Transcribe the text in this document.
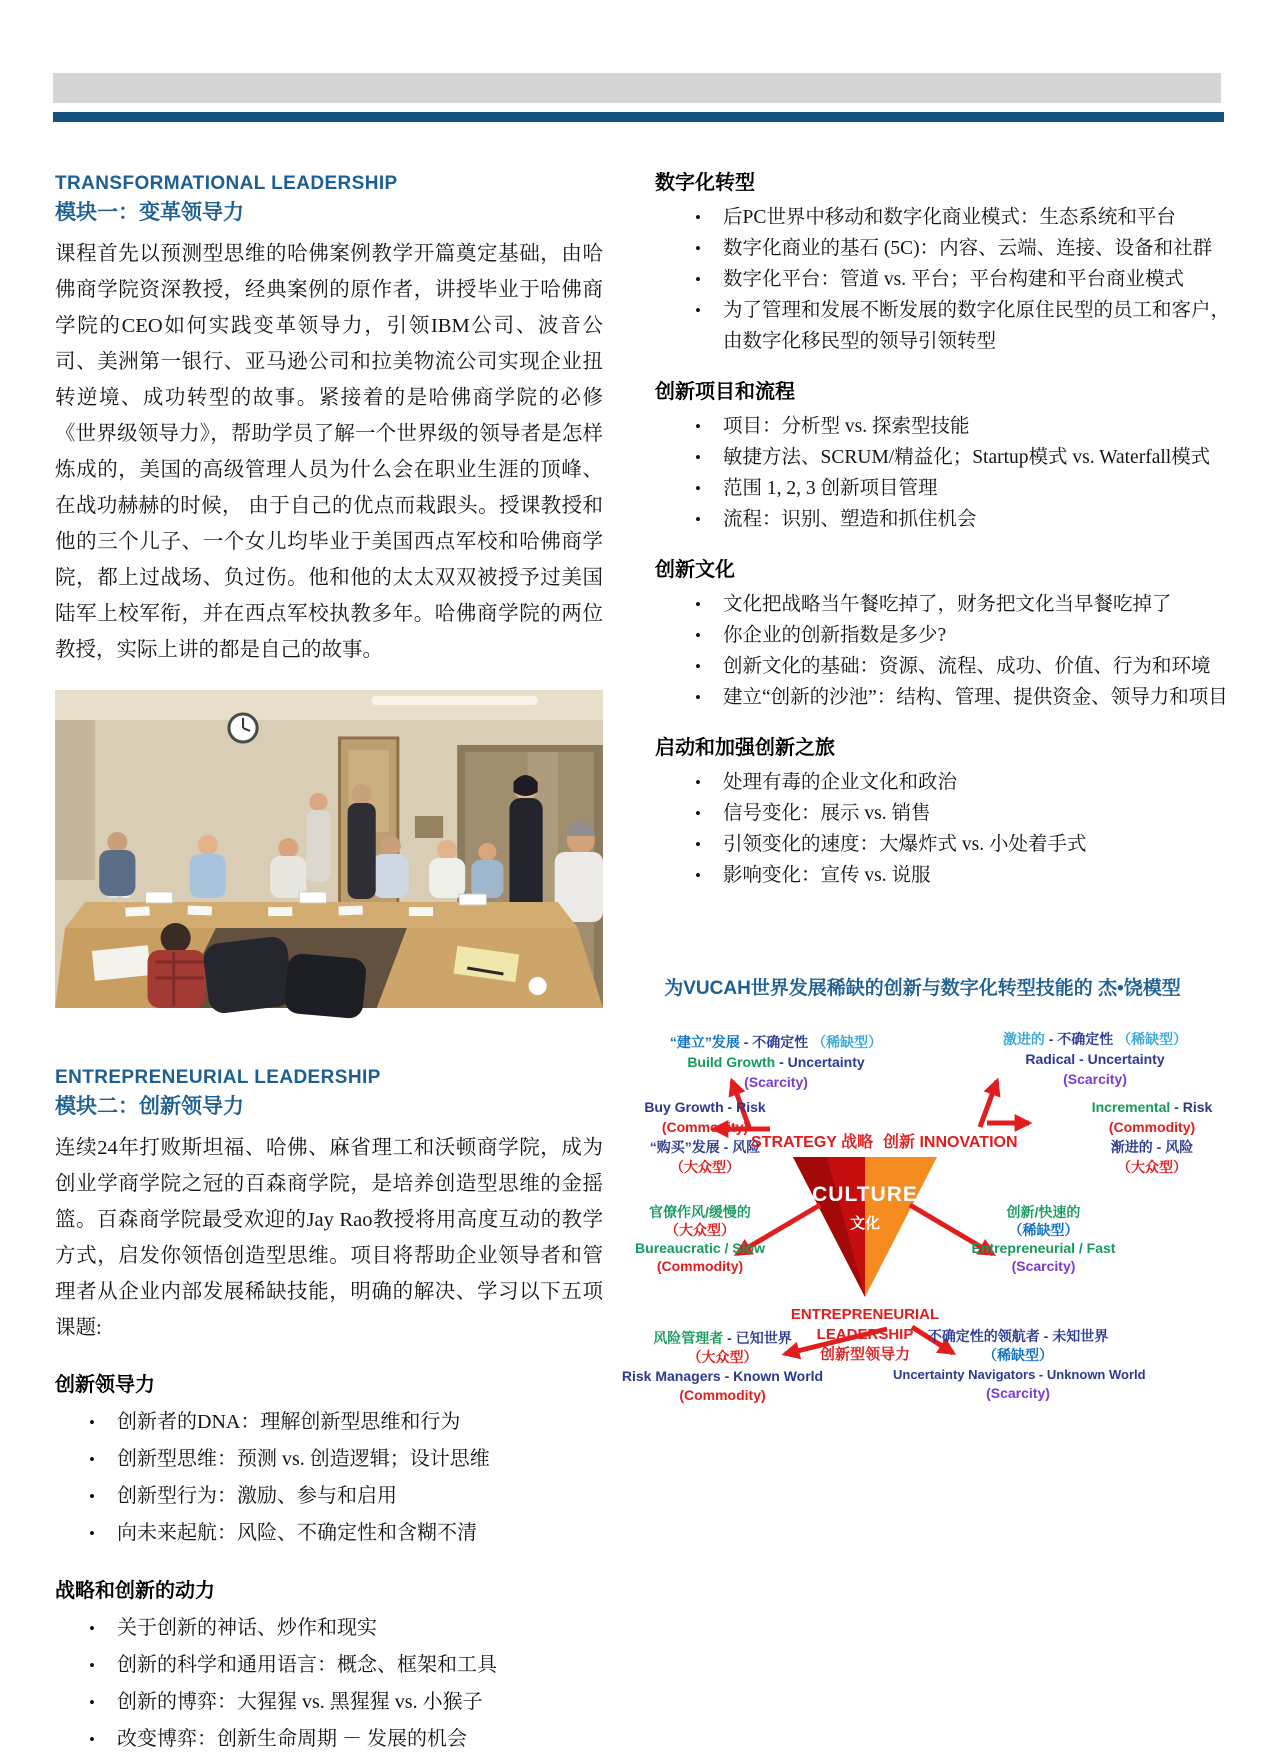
TRANSFORMATIONAL LEADERSHIP
模块一：变革领导力

课程首先以预测型思维的哈佛案例教学开篇奠定基础，由哈佛商学院资深教授，经典案例的原作者，讲授毕业于哈佛商学院的CEO如何实践变革领导力，引领IBM公司、波音公司、美洲第一银行、亚马逊公司和拉美物流公司实现企业扭转逆境、成功转型的故事。紧接着的是哈佛商学院的必修《世界级领导力》，帮助学员了解一个世界级的领导者是怎样炼成的，美国的高级管理人员为什么会在职业生涯的顶峰、在战功赫赫的时候， 由于自己的优点而栽跟头。授课教授和他的三个儿子、一个女儿均毕业于美国西点军校和哈佛商学院，都上过战场、负过伤。他和他的太太双双被授予过美国陆军上校军衔，并在西点军校执教多年。哈佛商学院的两位教授，实际上讲的都是自己的故事。

ENTREPRENEURIAL LEADERSHIP
模块二：创新领导力

连续24年打败斯坦福、哈佛、麻省理工和沃顿商学院，成为创业学商学院之冠的百森商学院，是培养创造型思维的金摇篮。百森商学院最受欢迎的Jay Rao教授将用高度互动的教学方式，启发你领悟创造型思维。项目将帮助企业领导者和管理者从企业内部发展稀缺技能，明确的解决、学习以下五项课题:

创新领导力
• 创新者的DNA：理解创新型思维和行为
• 创新型思维：预测 vs. 创造逻辑；设计思维
• 创新型行为：激励、参与和启用
• 向未来起航：风险、不确定性和含糊不清
战略和创新的动力
• 关于创新的神话、炒作和现实
• 创新的科学和通用语言：概念、框架和工具
• 创新的博弈：大猩猩 vs. 黑猩猩 vs. 小猴子
• 改变博弈：创新生命周期 － 发展的机会
数字化转型
• 后PC世界中移动和数字化商业模式：生态系统和平台
• 数字化商业的基石 (5C)：内容、云端、连接、设备和社群
• 数字化平台：管道 vs. 平台；平台构建和平台商业模式
• 为了管理和发展不断发展的数字化原住民型的员工和客户，由数字化移民型的领导引领转型
创新项目和流程
• 项目：分析型 vs. 探索型技能
• 敏捷方法、SCRUM/精益化；Startup模式 vs. Waterfall模式
• 范围 1, 2, 3 创新项目管理
• 流程：识别、塑造和抓住机会
创新文化
• 文化把战略当午餐吃掉了，财务把文化当早餐吃掉了
• 你企业的创新指数是多少?
• 创新文化的基础：资源、流程、成功、价值、行为和环境
• 建立“创新的沙池”：结构、管理、提供资金、领导力和项目
启动和加强创新之旅
• 处理有毒的企业文化和政治
• 信号变化：展示 vs. 销售
• 引领变化的速度：大爆炸式 vs. 小处着手式
• 影响变化：宣传 vs. 说服
为VUCAH世界发展稀缺的创新与数字化转型技能的 杰•饶模型
“建立”发展 - 不确定性 （稀缺型）
Build Growth - Uncertainty
(Scarcity)
激进的 - 不确定性 （稀缺型）
Radical - Uncertainty
(Scarcity)
Buy Growth - Risk
(Commodity)
“购买”发展 - 风险
（大众型）
Incremental - Risk
(Commodity)
渐进的 - 风险
（大众型）
STRATEGY 战略 创新 INNOVATION
CULTURE
文化
官僚作风/缓慢的
（大众型）
Bureaucratic / Slow
(Commodity)
创新/快速的
（稀缺型）
Entrepreneurial / Fast
(Scarcity)
ENTREPRENEURIAL
LEADERSHIP
创新型领导力
风险管理者 - 已知世界
（大众型）
Risk Managers - Known World
(Commodity)
不确定性的领航者 - 未知世界
（稀缺型）
Uncertainty Navigators - Unknown World
(Scarcity)
